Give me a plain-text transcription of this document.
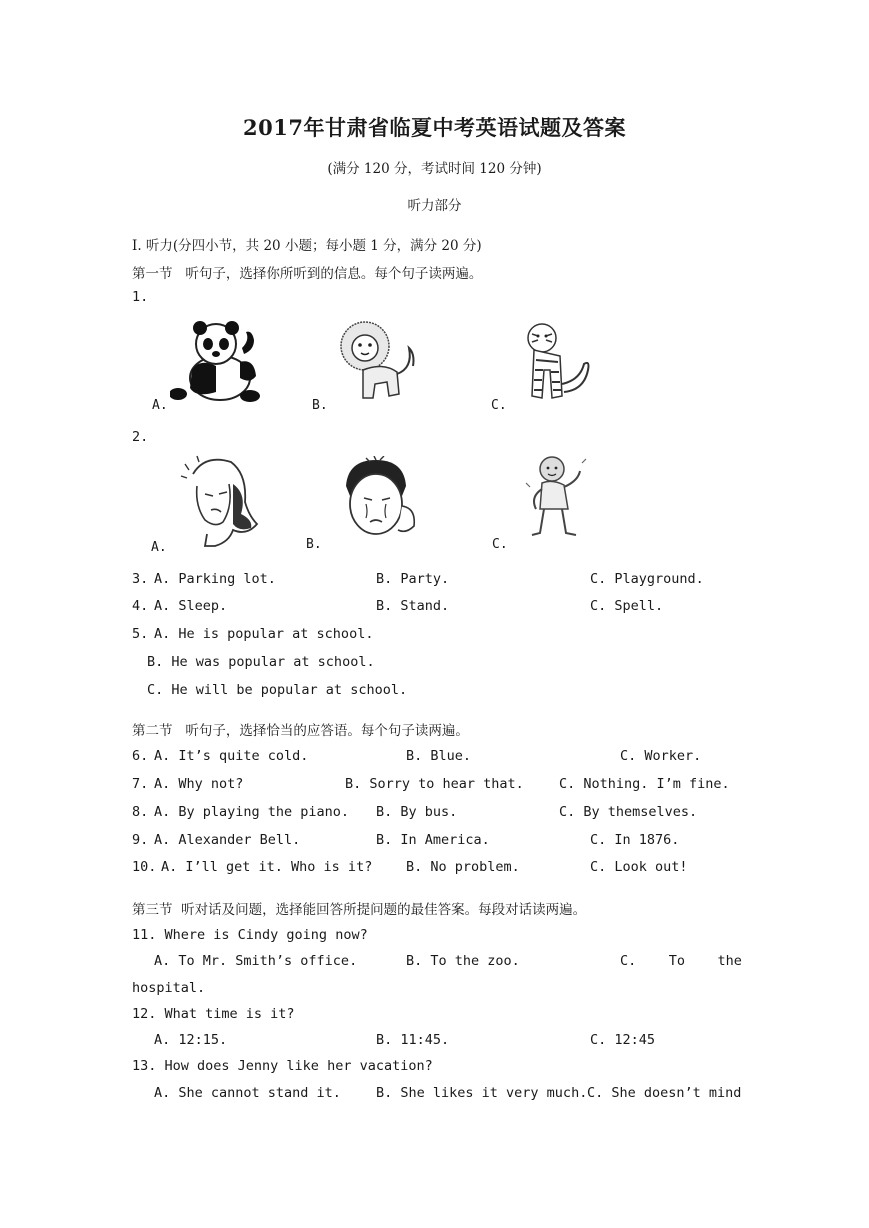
2017年甘肃省临夏中考英语试题及答案
(满分 120 分，考试时间 120 分钟)
听力部分
Ⅰ. 听力(分四小节，共 20 小题；每小题 1 分，满分 20 分)
第一节   听句子，选择你所听到的信息。每个句子读两遍。
1.
A.	B.	C.
2.
A.	B.	C.
3. A. Parking lot.	B. Party.	C. Playground.
4. A. Sleep.	B. Stand.	C. Spell.
5. A. He is popular at school.
B. He was popular at school.
C. He will be popular at school.
第二节   听句子，选择恰当的应答语。每个句子读两遍。
6. A. It’s quite cold.	B. Blue.	C. Worker.
7. A. Why not?	B. Sorry to hear that.	C. Nothing. I’m fine.
8. A. By playing the piano. B. By bus.	C. By themselves.
9. A. Alexander Bell.	B. In America.	C. In 1876.
10. A. I’ll get it. Who is it? B. No problem.	C. Look out!
第三节  听对话及问题，选择能回答所提问题的最佳答案。每段对话读两遍。
11. Where is Cindy going now?
A. To Mr. Smith’s office.	B. To the zoo.	C.    To    the
hospital.
12. What time is it?
A. 12:15.	B. 11:45.	C. 12:45
13. How does Jenny like her vacation?
A. She cannot stand it.	B. She likes it very much. C. She doesn’t mind
